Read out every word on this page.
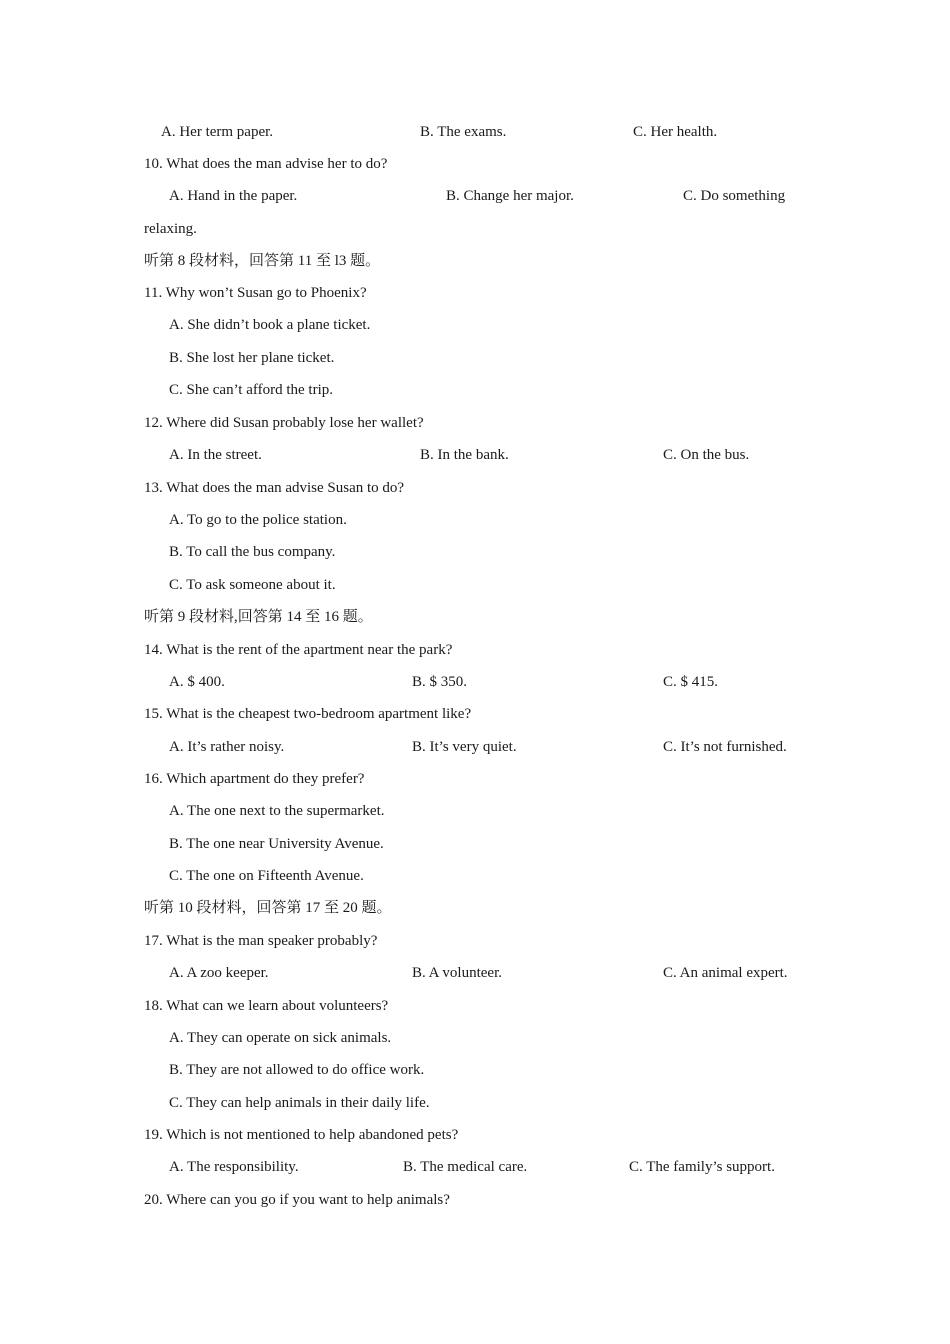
A. Her term paper.	B. The exams.	C. Her health.
10. What does the man advise her to do?
A. Hand in the paper.	B. Change her major.	C. Do something
relaxing.
听第 8 段材料，回答第 11 至 l3 题。
11. Why won’t Susan go to Phoenix?
A. She didn’t book a plane ticket.
B. She lost her plane ticket.
C. She can’t afford the trip.
12. Where did Susan probably lose her wallet?
A. In the street.	B. In the bank.	C. On the bus.
13. What does the man advise Susan to do?
A. To go to the police station.
B. To call the bus company.
C. To ask someone about it.
听第 9 段材料,回答第 14 至 16 题。
14. What is the rent of the apartment near the park?
A. $ 400.	B. $ 350.	C. $ 415.
15. What is the cheapest two-bedroom apartment like?
A. It’s rather noisy.	B. It’s very quiet.	C. It’s not furnished.
16. Which apartment do they prefer?
A. The one next to the supermarket.
B. The one near University Avenue.
C. The one on Fifteenth Avenue.
听第 10 段材料，回答第 17 至 20 题。
17. What is the man speaker probably?
A. A zoo keeper.	B. A volunteer.	C. An animal expert.
18. What can we learn about volunteers?
A. They can operate on sick animals.
B. They are not allowed to do office work.
C. They can help animals in their daily life.
19. Which is not mentioned to help abandoned pets?
A. The responsibility.	B. The medical care.	C. The family’s support.
20. Where can you go if you want to help animals?
